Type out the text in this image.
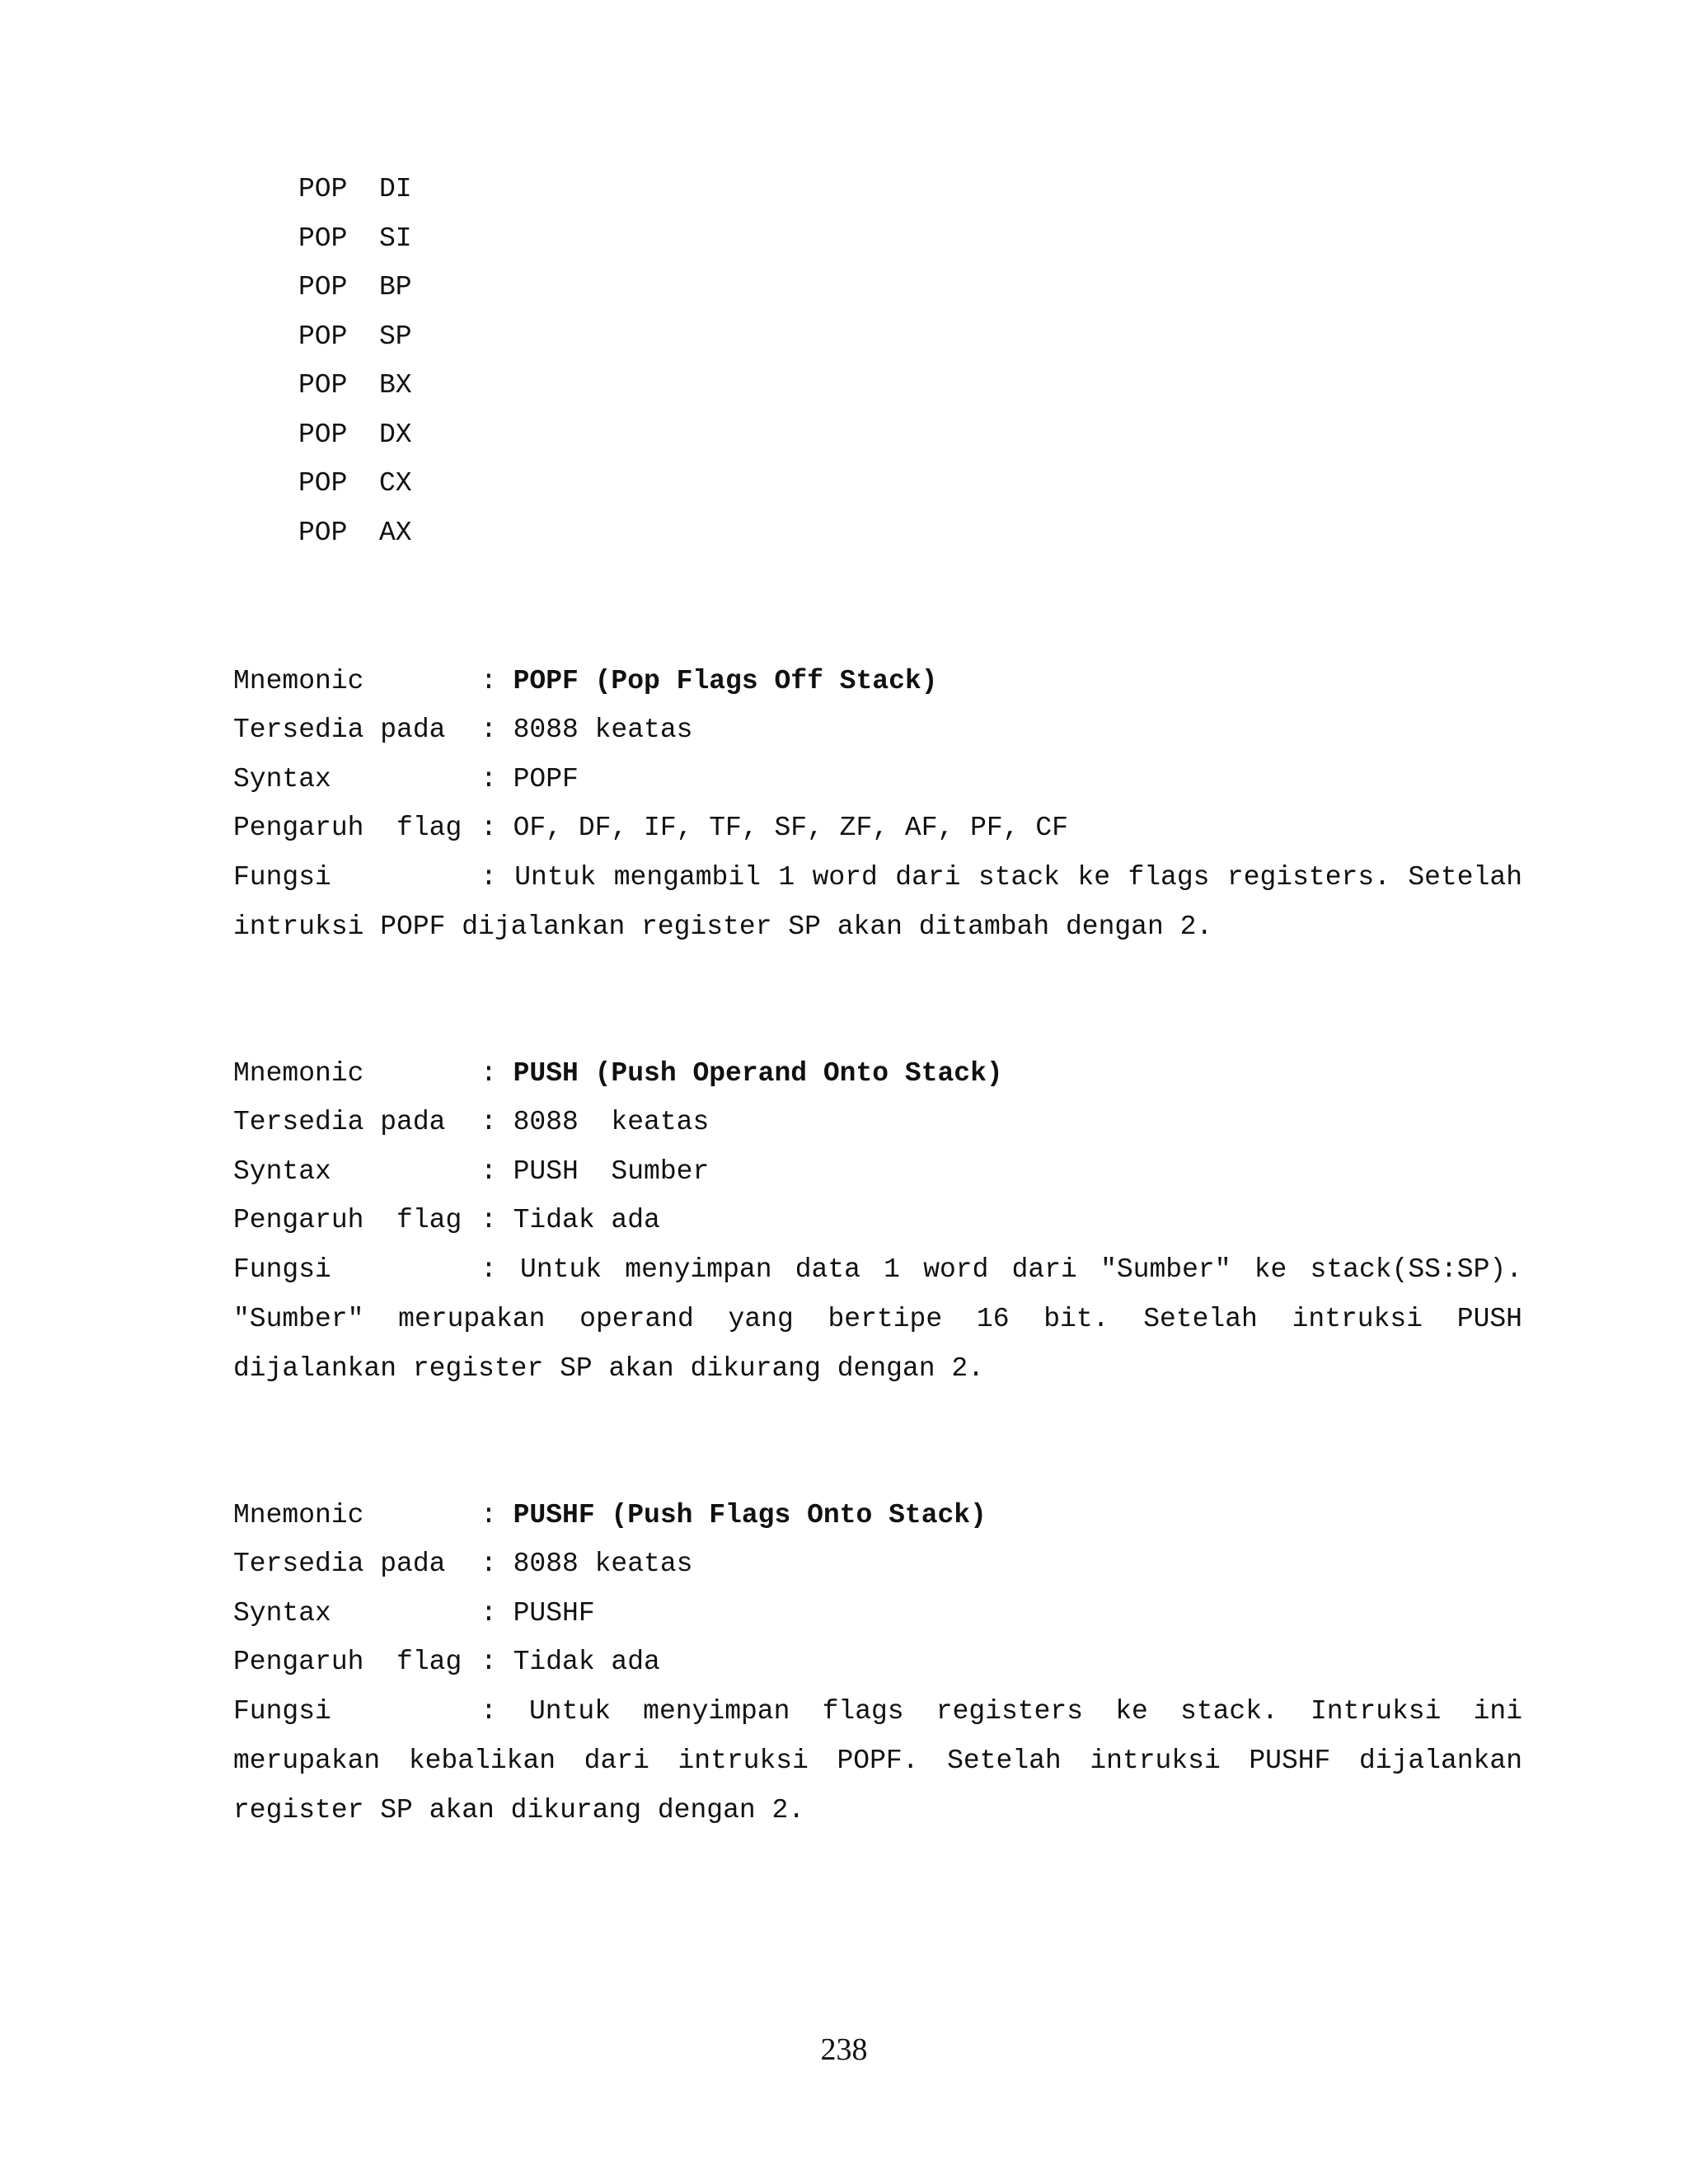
POP DI
POP SI
POP BP
POP SP
POP BX
POP DX
POP CX
POP AX
Mnemonic	: POPF (Pop Flags Off Stack)
Tersedia pada	: 8088 keatas
Syntax	: POPF
Pengaruh  flag : OF, DF, IF, TF, SF, ZF, AF, PF, CF
Fungsi	: Untuk mengambil 1 word dari stack ke flags registers. Setelah intruksi POPF dijalankan register SP akan ditambah dengan 2.
Mnemonic	: PUSH (Push Operand Onto Stack)
Tersedia pada	: 8088  keatas
Syntax	: PUSH  Sumber
Pengaruh  flag : Tidak ada
Fungsi	: Untuk menyimpan data 1 word dari "Sumber" ke stack(SS:SP). "Sumber" merupakan operand yang bertipe 16 bit. Setelah intruksi PUSH dijalankan register SP akan dikurang dengan 2.
Mnemonic	: PUSHF (Push Flags Onto Stack)
Tersedia pada	: 8088 keatas
Syntax	: PUSHF
Pengaruh  flag : Tidak ada
Fungsi	: Untuk menyimpan flags registers ke stack. Intruksi ini merupakan kebalikan dari intruksi POPF. Setelah intruksi PUSHF dijalankan register SP akan dikurang dengan 2.
238
